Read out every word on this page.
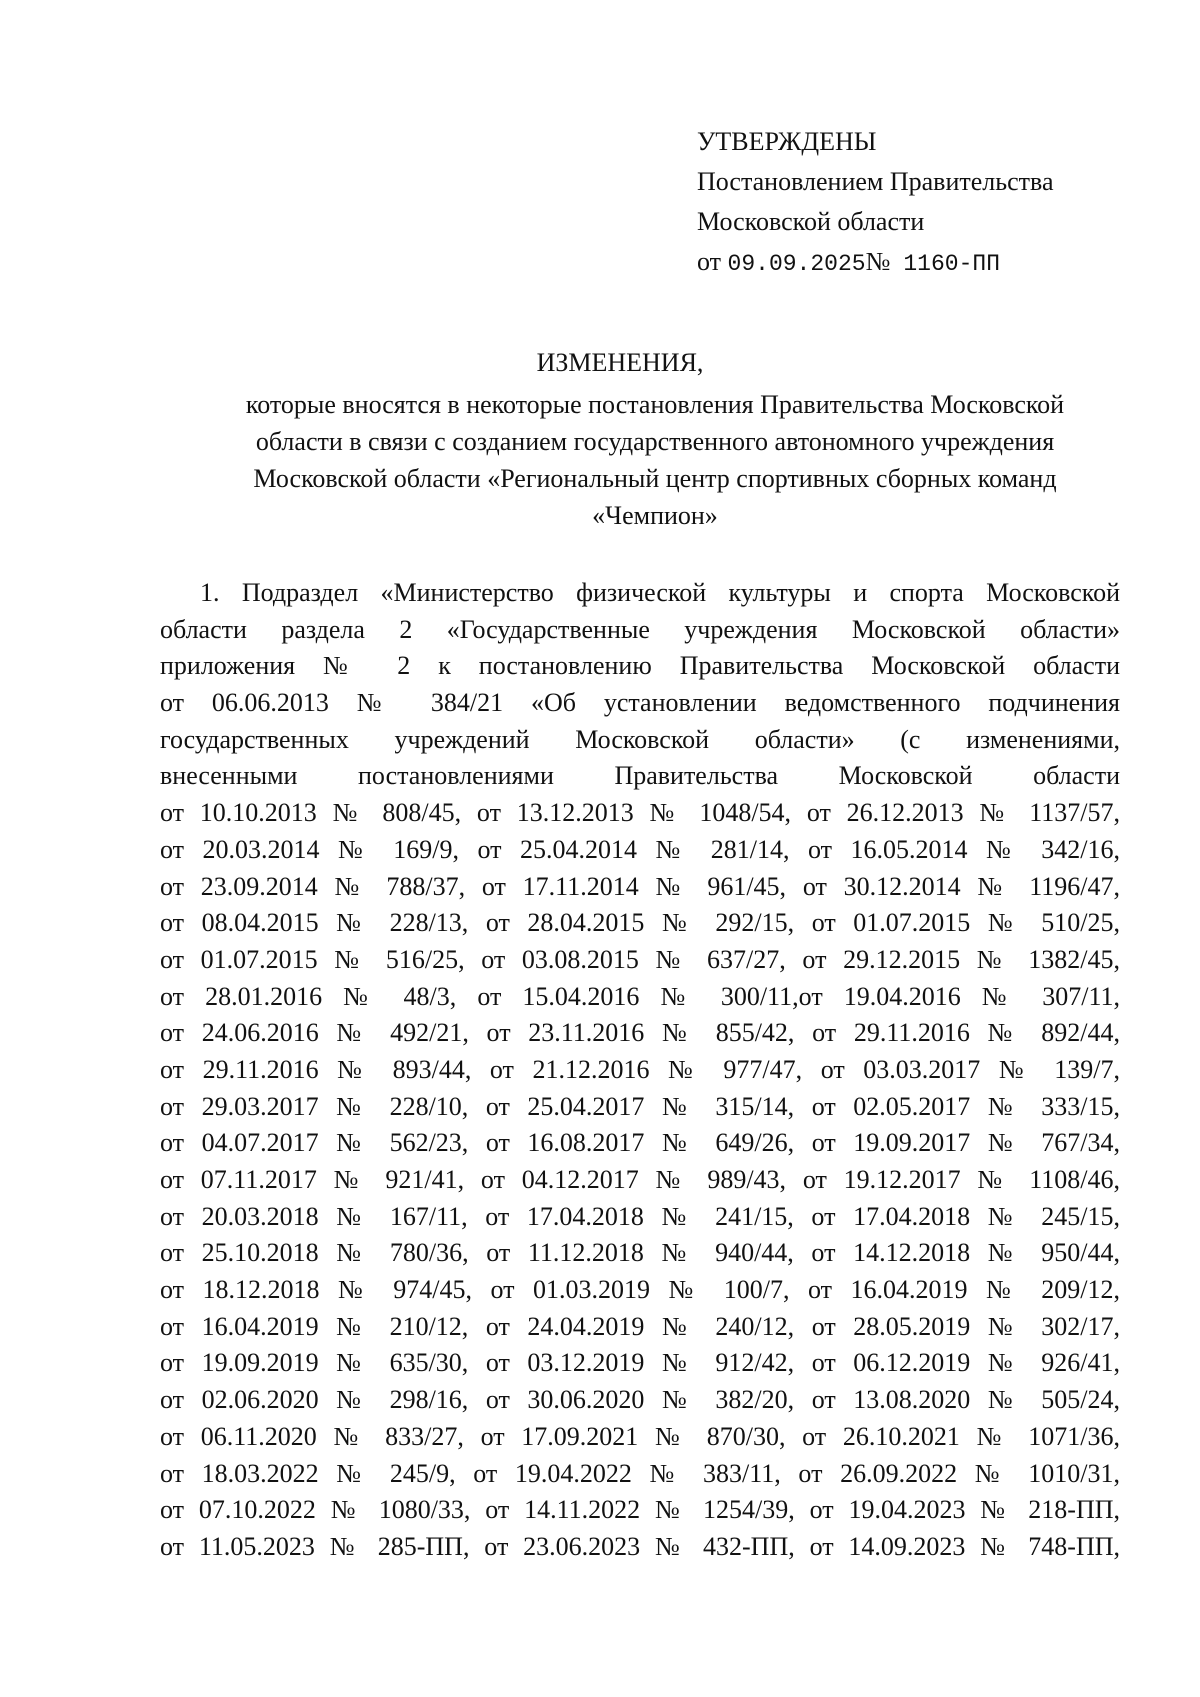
УТВЕРЖДЕНЫ
Постановлением Правительства
Московской области
от 09.09.2025№ 1160-ПП
ИЗМЕНЕНИЯ,
которые вносятся в некоторые постановления Правительства Московской
области в связи с созданием государственного автономного учреждения
Московской области «Региональный центр спортивных сборных команд
«Чемпион»
1. Подраздел «Министерство физической культуры и спорта Московской
области раздела 2 «Государственные учреждения Московской области»
приложения № 2 к постановлению Правительства Московской области
от 06.06.2013 № 384/21 «Об установлении ведомственного подчинения
государственных учреждений Московской области» (с изменениями,
внесенными постановлениями Правительства Московской области
от 10.10.2013 № 808/45, от 13.12.2013 № 1048/54, от 26.12.2013 № 1137/57,
от 20.03.2014 № 169/9, от 25.04.2014 № 281/14, от 16.05.2014 № 342/16,
от 23.09.2014 № 788/37, от 17.11.2014 № 961/45, от 30.12.2014 № 1196/47,
от 08.04.2015 № 228/13, от 28.04.2015 № 292/15, от 01.07.2015 № 510/25,
от 01.07.2015 № 516/25, от 03.08.2015 № 637/27, от 29.12.2015 № 1382/45,
от 28.01.2016 № 48/3, от 15.04.2016 № 300/11,от 19.04.2016 № 307/11,
от 24.06.2016 № 492/21, от 23.11.2016 № 855/42, от 29.11.2016 № 892/44,
от 29.11.2016 № 893/44, от 21.12.2016 № 977/47, от 03.03.2017 № 139/7,
от 29.03.2017 № 228/10, от 25.04.2017 № 315/14, от 02.05.2017 № 333/15,
от 04.07.2017 № 562/23, от 16.08.2017 № 649/26, от 19.09.2017 № 767/34,
от 07.11.2017 № 921/41, от 04.12.2017 № 989/43, от 19.12.2017 № 1108/46,
от 20.03.2018 № 167/11, от 17.04.2018 № 241/15, от 17.04.2018 № 245/15,
от 25.10.2018 № 780/36, от 11.12.2018 № 940/44, от 14.12.2018 № 950/44,
от 18.12.2018 № 974/45, от 01.03.2019 № 100/7, от 16.04.2019 № 209/12,
от 16.04.2019 № 210/12, от 24.04.2019 № 240/12, от 28.05.2019 № 302/17,
от 19.09.2019 № 635/30, от 03.12.2019 № 912/42, от 06.12.2019 № 926/41,
от 02.06.2020 № 298/16, от 30.06.2020 № 382/20, от 13.08.2020 № 505/24,
от 06.11.2020 № 833/27, от 17.09.2021 № 870/30, от 26.10.2021 № 1071/36,
от 18.03.2022 № 245/9, от 19.04.2022 № 383/11, от 26.09.2022 № 1010/31,
от 07.10.2022 № 1080/33, от 14.11.2022 № 1254/39, от 19.04.2023 № 218-ПП,
от 11.05.2023 № 285-ПП, от 23.06.2023 № 432-ПП, от 14.09.2023 № 748-ПП,
